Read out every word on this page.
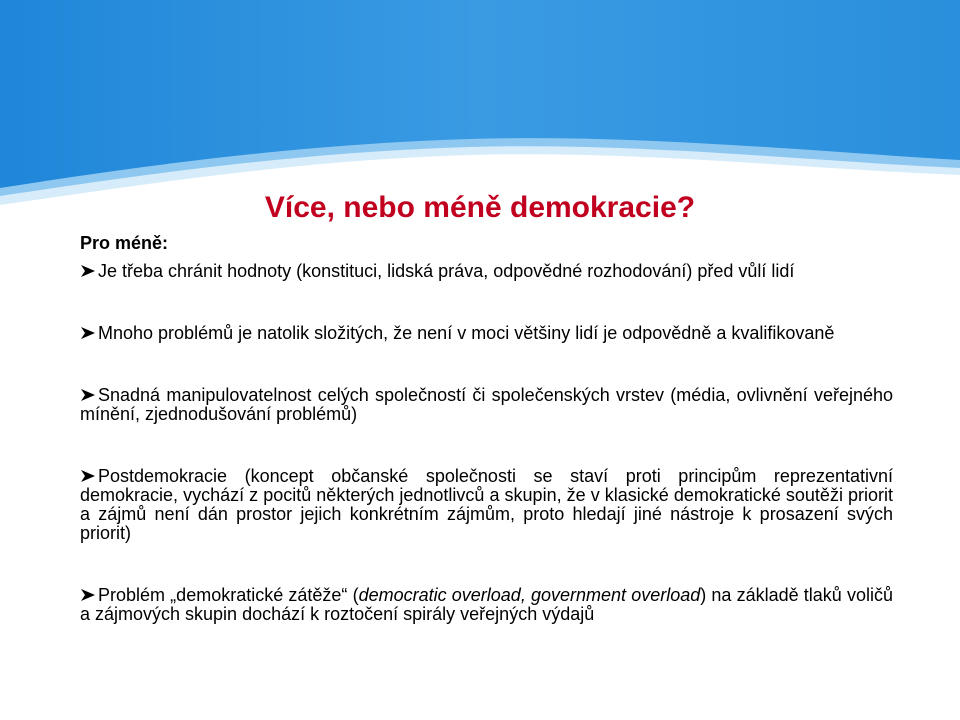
Více, nebo méně demokracie?

Pro méně:

Je třeba chránit hodnoty (konstituci, lidská práva, odpovědné rozhodování) před vůlí lidí

Mnoho problémů je natolik složitých, že není v moci většiny lidí je odpovědně a kvalifikovaně

Snadná manipulovatelnost celých společností či společenských vrstev (média, ovlivnění veřejného mínění, zjednodušování problémů)

Postdemokracie (koncept občanské společnosti se staví proti principům reprezentativní demokracie, vychází z pocitů některých jednotlivců a skupin, že v klasické demokratické soutěži priorit a zájmů není dán prostor jejich konkrétním zájmům, proto hledají jiné nástroje k prosazení svých priorit)

Problém „demokratické zátěže“ (democratic overload, government overload) na základě tlaků voličů a zájmových skupin dochází k roztočení spirály veřejných výdajů
